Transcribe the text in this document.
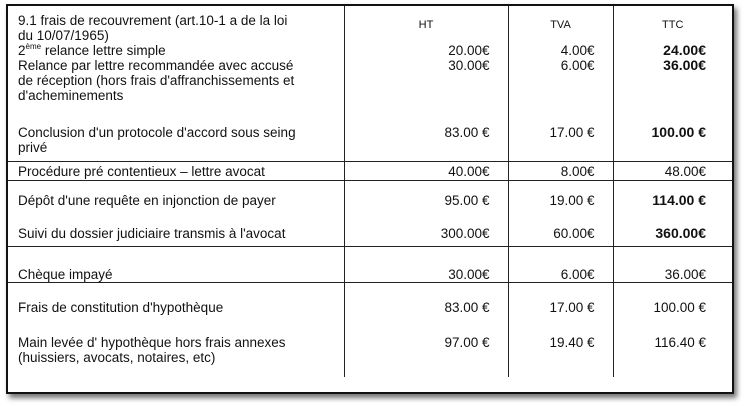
9.1 frais de recouvrement (art.10-1 a de la loi
du 10/07/1965)	HT	TVA	TTC

2ème relance lettre simple	20.00€	4.00€	24.00€

Relance par lettre recommandée avec accusé
de réception (hors frais d'affranchissements et
d'acheminements	30.00€	6.00€	36.00€

Conclusion d'un protocole d'accord sous seing
privé	83.00 €	17.00 €	100.00 €

Procédure pré contentieux – lettre avocat	40.00€	8.00€	48.00€

Dépôt d'une requête en injonction de payer	95.00 €	19.00 €	114.00 €

Suivi du dossier judiciaire transmis à l'avocat	300.00€	60.00€	360.00€

Chèque impayé	30.00€	6.00€	36.00€

Frais de constitution d'hypothèque	83.00 €	17.00 €	100.00 €

Main levée d' hypothèque hors frais annexes
(huissiers, avocats, notaires, etc)	97.00 €	19.40 €	116.40 €
